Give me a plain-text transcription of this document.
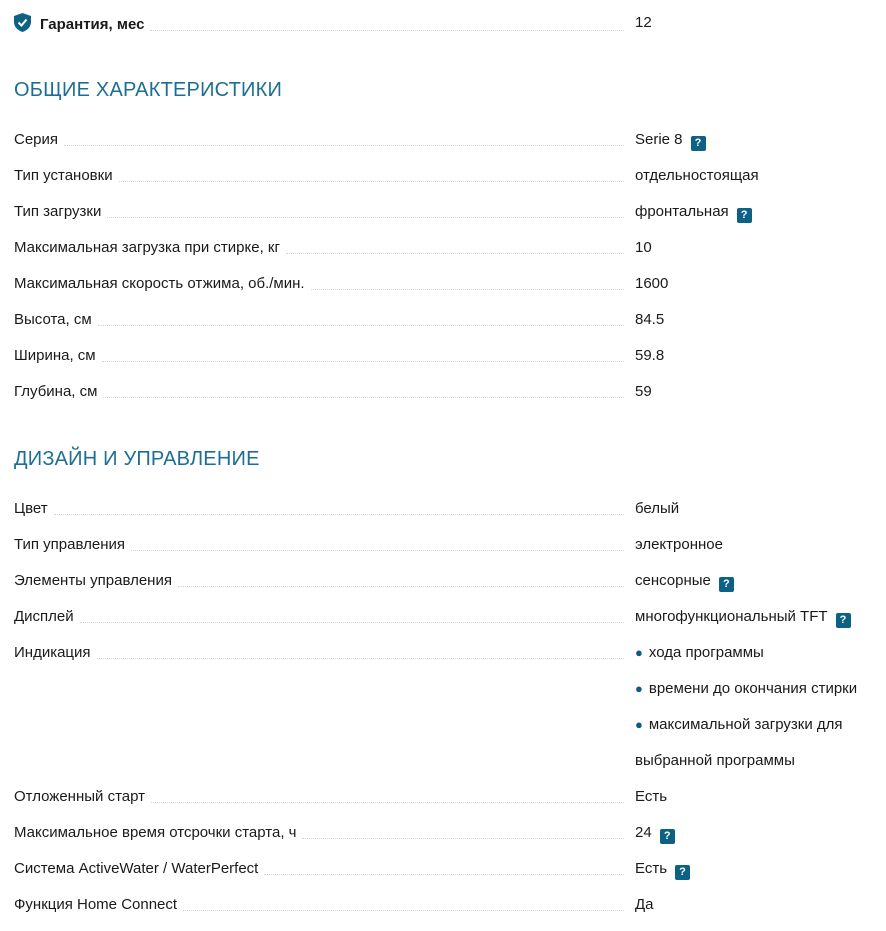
Гарантия, мес	12
ОБЩИЕ ХАРАКТЕРИСТИКИ
Серия	Serie 8 ?
Тип установки	отдельностоящая
Тип загрузки	фронтальная ?
Максимальная загрузка при стирке, кг	10
Максимальная скорость отжима, об./мин.	1600
Высота, см	84.5
Ширина, см	59.8
Глубина, см	59
ДИЗАЙН И УПРАВЛЕНИЕ
Цвет	белый
Тип управления	электронное
Элементы управления	сенсорные ?
Дисплей	многофункциональный TFT ?
Индикация	● хода программы
● времени до окончания стирки
● максимальной загрузки для
выбранной программы
Отложенный старт	Есть
Максимальное время отсрочки старта, ч	24 ?
Система ActiveWater / WaterPerfect	Есть ?
Функция Home Connect	Да
